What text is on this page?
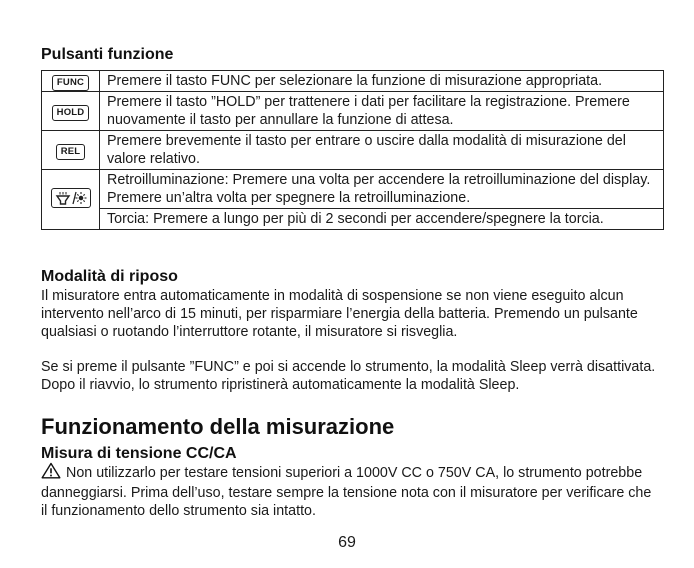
Pulsanti funzione
FUNC	Premere il tasto FUNC per selezionare la funzione di misurazione appropriata.
HOLD	Premere il tasto ”HOLD” per trattenere i dati per facilitare la registrazione. Premere nuovamente il tasto per annullare la funzione di attesa.
REL	Premere brevemente il tasto per entrare o uscire dalla modalità di misurazione del valore relativo.
	Retroilluminazione: Premere una volta per accendere la retroilluminazione del display. Premere un’altra volta per spegnere la retroilluminazione.
	Torcia: Premere a lungo per più di 2 secondi per accendere/spegnere la torcia.
Modalità di riposo
Il misuratore entra automaticamente in modalità di sospensione se non viene eseguito alcun intervento nell’arco di 15 minuti, per risparmiare l’energia della batteria. Premendo un pulsante qualsiasi o ruotando l’interruttore rotante, il misuratore si risveglia.
Se si preme il pulsante ”FUNC” e poi si accende lo strumento, la modalità Sleep verrà disattivata. Dopo il riavvio, lo strumento ripristinerà automaticamente la modalità Sleep.
Funzionamento della misurazione
Misura di tensione CC/CA
Non utilizzarlo per testare tensioni superiori a 1000V CC o 750V CA, lo strumento potrebbe danneggiarsi. Prima dell’uso, testare sempre la tensione nota con il misuratore per verificare che il funzionamento dello strumento sia intatto.
69
